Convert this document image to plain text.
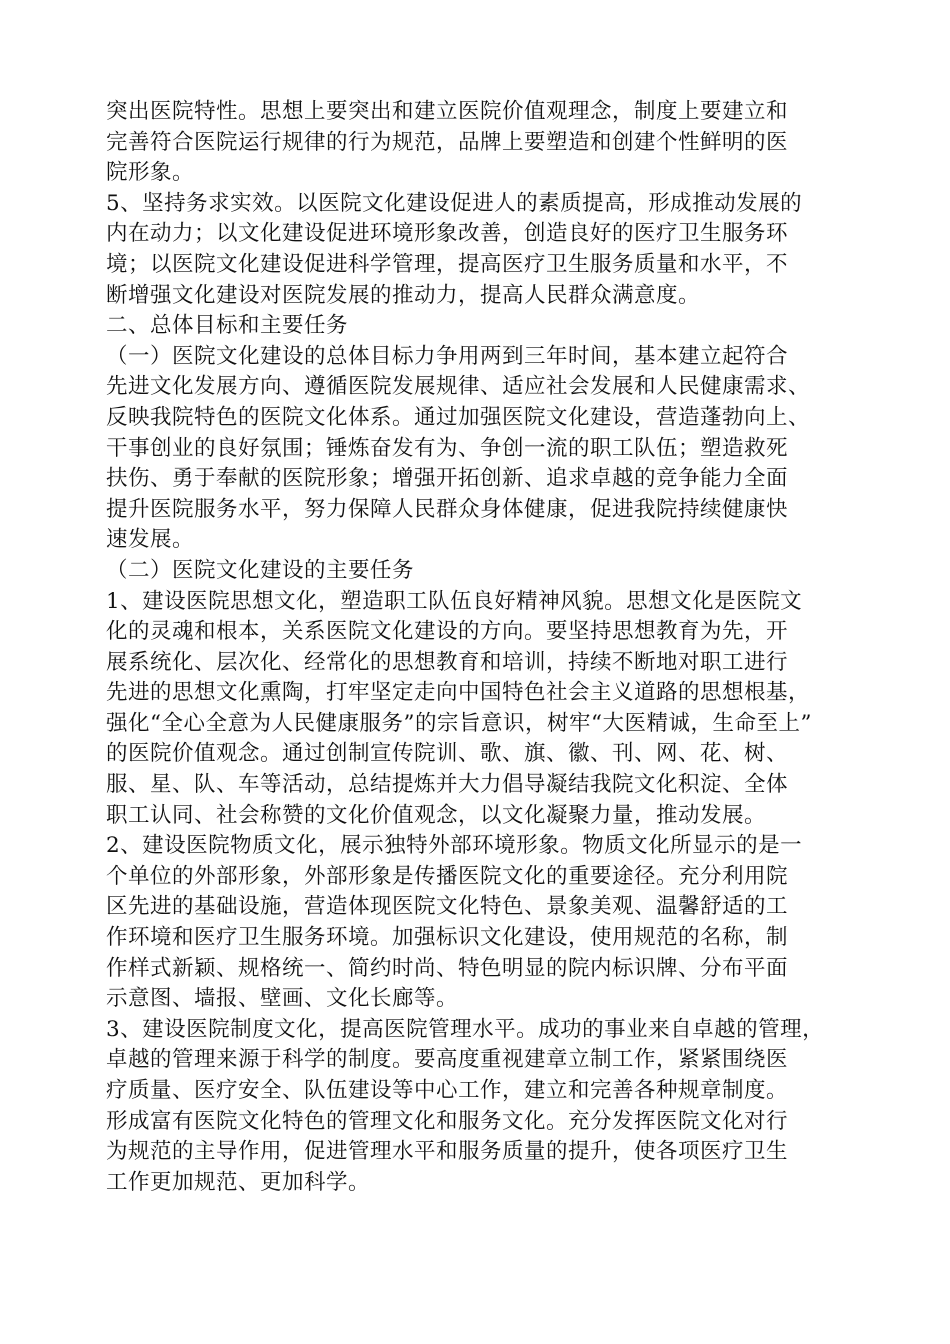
突出医院特性。思想上要突出和建立医院价值观理念，制度上要建立和
完善符合医院运行规律的行为规范，品牌上要塑造和创建个性鲜明的医
院形象。
5、坚持务求实效。以医院文化建设促进人的素质提高，形成推动发展的
内在动力；以文化建设促进环境形象改善，创造良好的医疗卫生服务环
境；以医院文化建设促进科学管理，提高医疗卫生服务质量和水平，不
断增强文化建设对医院发展的推动力，提高人民群众满意度。
二、总体目标和主要任务
（一）医院文化建设的总体目标力争用两到三年时间，基本建立起符合
先进文化发展方向、遵循医院发展规律、适应社会发展和人民健康需求、
反映我院特色的医院文化体系。通过加强医院文化建设，营造蓬勃向上、
干事创业的良好氛围；锤炼奋发有为、争创一流的职工队伍；塑造救死
扶伤、勇于奉献的医院形象；增强开拓创新、追求卓越的竞争能力全面
提升医院服务水平，努力保障人民群众身体健康，促进我院持续健康快
速发展。
（二）医院文化建设的主要任务
1、建设医院思想文化，塑造职工队伍良好精神风貌。思想文化是医院文
化的灵魂和根本，关系医院文化建设的方向。要坚持思想教育为先，开
展系统化、层次化、经常化的思想教育和培训，持续不断地对职工进行
先进的思想文化熏陶，打牢坚定走向中国特色社会主义道路的思想根基，
强化“全心全意为人民健康服务”的宗旨意识，树牢“大医精诚，生命至上”
的医院价值观念。通过创制宣传院训、歌、旗、徽、刊、网、花、树、
服、星、队、车等活动，总结提炼并大力倡导凝结我院文化积淀、全体
职工认同、社会称赞的文化价值观念，以文化凝聚力量，推动发展。
2、建设医院物质文化，展示独特外部环境形象。物质文化所显示的是一
个单位的外部形象，外部形象是传播医院文化的重要途径。充分利用院
区先进的基础设施，营造体现医院文化特色、景象美观、温馨舒适的工
作环境和医疗卫生服务环境。加强标识文化建设，使用规范的名称，制
作样式新颖、规格统一、简约时尚、特色明显的院内标识牌、分布平面
示意图、墙报、壁画、文化长廊等。
3、建设医院制度文化，提高医院管理水平。成功的事业来自卓越的管理，
卓越的管理来源于科学的制度。要高度重视建章立制工作，紧紧围绕医
疗质量、医疗安全、队伍建设等中心工作，建立和完善各种规章制度。
形成富有医院文化特色的管理文化和服务文化。充分发挥医院文化对行
为规范的主导作用，促进管理水平和服务质量的提升，使各项医疗卫生
工作更加规范、更加科学。
